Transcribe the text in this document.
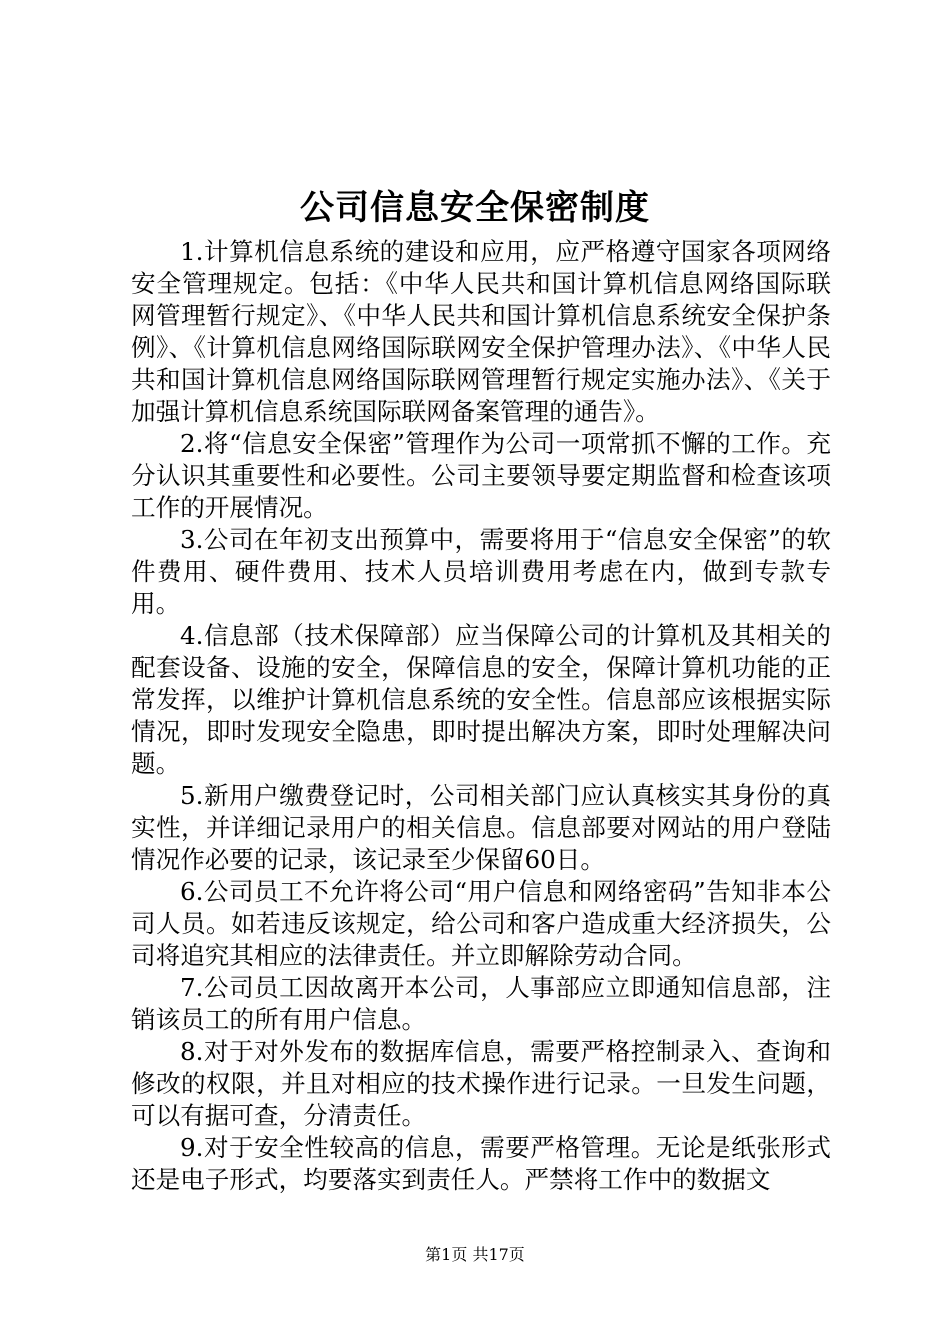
公司信息安全保密制度

1.计算机信息系统的建设和应用，应严格遵守国家各项网络安全管理规定。包括：《中华人民共和国计算机信息网络国际联网管理暂行规定》、《中华人民共和国计算机信息系统安全保护条例》、《计算机信息网络国际联网安全保护管理办法》、《中华人民共和国计算机信息网络国际联网管理暂行规定实施办法》、《关于加强计算机信息系统国际联网备案管理的通告》。

2.将“信息安全保密”管理作为公司一项常抓不懈的工作。充分认识其重要性和必要性。公司主要领导要定期监督和检查该项工作的开展情况。

3.公司在年初支出预算中，需要将用于“信息安全保密”的软件费用、硬件费用、技术人员培训费用考虑在内，做到专款专用。

4.信息部（技术保障部）应当保障公司的计算机及其相关的配套设备、设施的安全，保障信息的安全，保障计算机功能的正常发挥，以维护计算机信息系统的安全性。信息部应该根据实际情况，即时发现安全隐患，即时提出解决方案，即时处理解决问题。

5.新用户缴费登记时，公司相关部门应认真核实其身份的真实性，并详细记录用户的相关信息。信息部要对网站的用户登陆情况作必要的记录，该记录至少保留60日。

6.公司员工不允许将公司“用户信息和网络密码”告知非本公司人员。如若违反该规定，给公司和客户造成重大经济损失，公司将追究其相应的法律责任。并立即解除劳动合同。

7.公司员工因故离开本公司，人事部应立即通知信息部，注销该员工的所有用户信息。

8.对于对外发布的数据库信息，需要严格控制录入、查询和修改的权限，并且对相应的技术操作进行记录。一旦发生问题，可以有据可查，分清责任。

9.对于安全性较高的信息，需要严格管理。无论是纸张形式还是电子形式，均要落实到责任人。严禁将工作中的数据文

第1页 共17页
